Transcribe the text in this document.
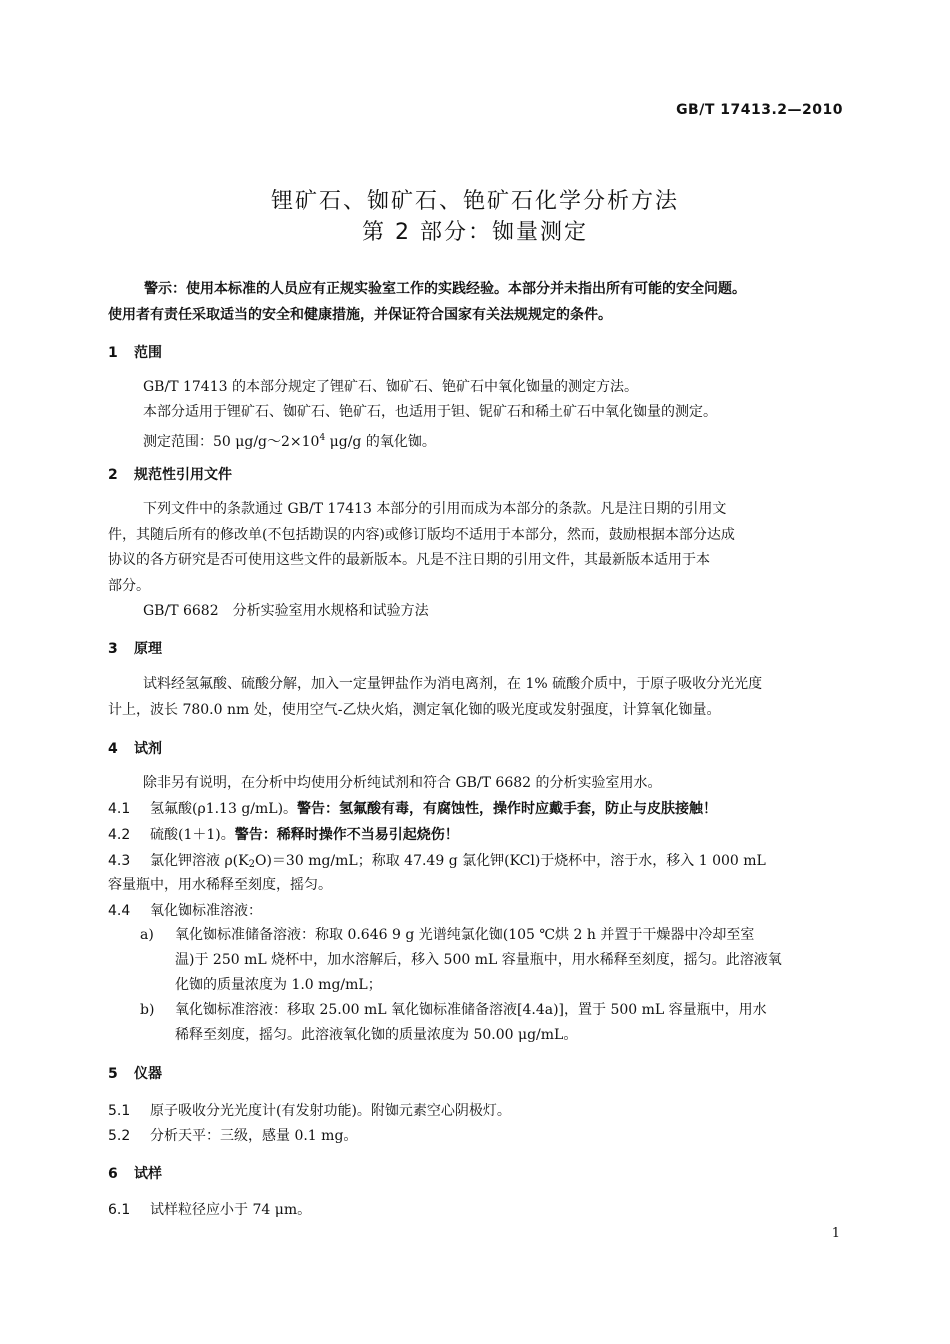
GB/T 17413.2—2010
锂矿石、铷矿石、铯矿石化学分析方法
第 2 部分：铷量测定
警示：使用本标准的人员应有正规实验室工作的实践经验。本部分并未指出所有可能的安全问题。
使用者有责任采取适当的安全和健康措施，并保证符合国家有关法规规定的条件。
1 范围
GB/T 17413 的本部分规定了锂矿石、铷矿石、铯矿石中氧化铷量的测定方法。
本部分适用于锂矿石、铷矿石、铯矿石，也适用于钽、铌矿石和稀土矿石中氧化铷量的测定。
测定范围：50 $\mu g/g\sim 2\times 10^4$ μg/g 的氧化铷。
2 规范性引用文件
下列文件中的条款通过 GB/T 17413 本部分的引用而成为本部分的条款。凡是注日期的引用文
件，其随后所有的修改单(不包括勘误的内容)或修订版均不适用于本部分，然而，鼓励根据本部分达成
协议的各方研究是否可使用这些文件的最新版本。凡是不注日期的引用文件，其最新版本适用于本
部分。
GB/T 6682　分析实验室用水规格和试验方法
3 原理
试料经氢氟酸、硫酸分解，加入一定量钾盐作为消电离剂，在 1% 硫酸介质中，于原子吸收分光光度
计上，波长 780.0 nm 处，使用空气-乙炔火焰，测定氧化铷的吸光度或发射强度，计算氧化铷量。
4 试剂
除非另有说明，在分析中均使用分析纯试剂和符合 GB/T 6682 的分析实验室用水。
4.1 氢氟酸(ρ1.13 g/mL)。警告：氢氟酸有毒，有腐蚀性，操作时应戴手套，防止与皮肤接触！
4.2 硫酸(1＋1)。警告：稀释时操作不当易引起烧伤！
4.3 氯化钾溶液 $\rho(K_2O)=30$ mg/mL；称取 47.49 g 氯化钾(KCl)于烧杯中，溶于水，移入 1 000 mL
容量瓶中，用水稀释至刻度，摇匀。
4.4 氧化铷标准溶液：
a) 氧化铷标准储备溶液：称取 0.646 9 g 光谱纯氯化铷(105 ℃烘 2 h 并置于干燥器中冷却至室
温)于 250 mL 烧杯中，加水溶解后，移入 500 mL 容量瓶中，用水稀释至刻度，摇匀。此溶液氧
化铷的质量浓度为 1.0 mg/mL；
b) 氧化铷标准溶液：移取 25.00 mL 氧化铷标准储备溶液[4.4a)]，置于 500 mL 容量瓶中，用水
稀释至刻度，摇匀。此溶液氧化铷的质量浓度为 50.00 μg/mL。
5 仪器
5.1 原子吸收分光光度计(有发射功能)。附铷元素空心阴极灯。
5.2 分析天平：三级，感量 0.1 mg。
6 试样
6.1 试样粒径应小于 74 μm。
1
